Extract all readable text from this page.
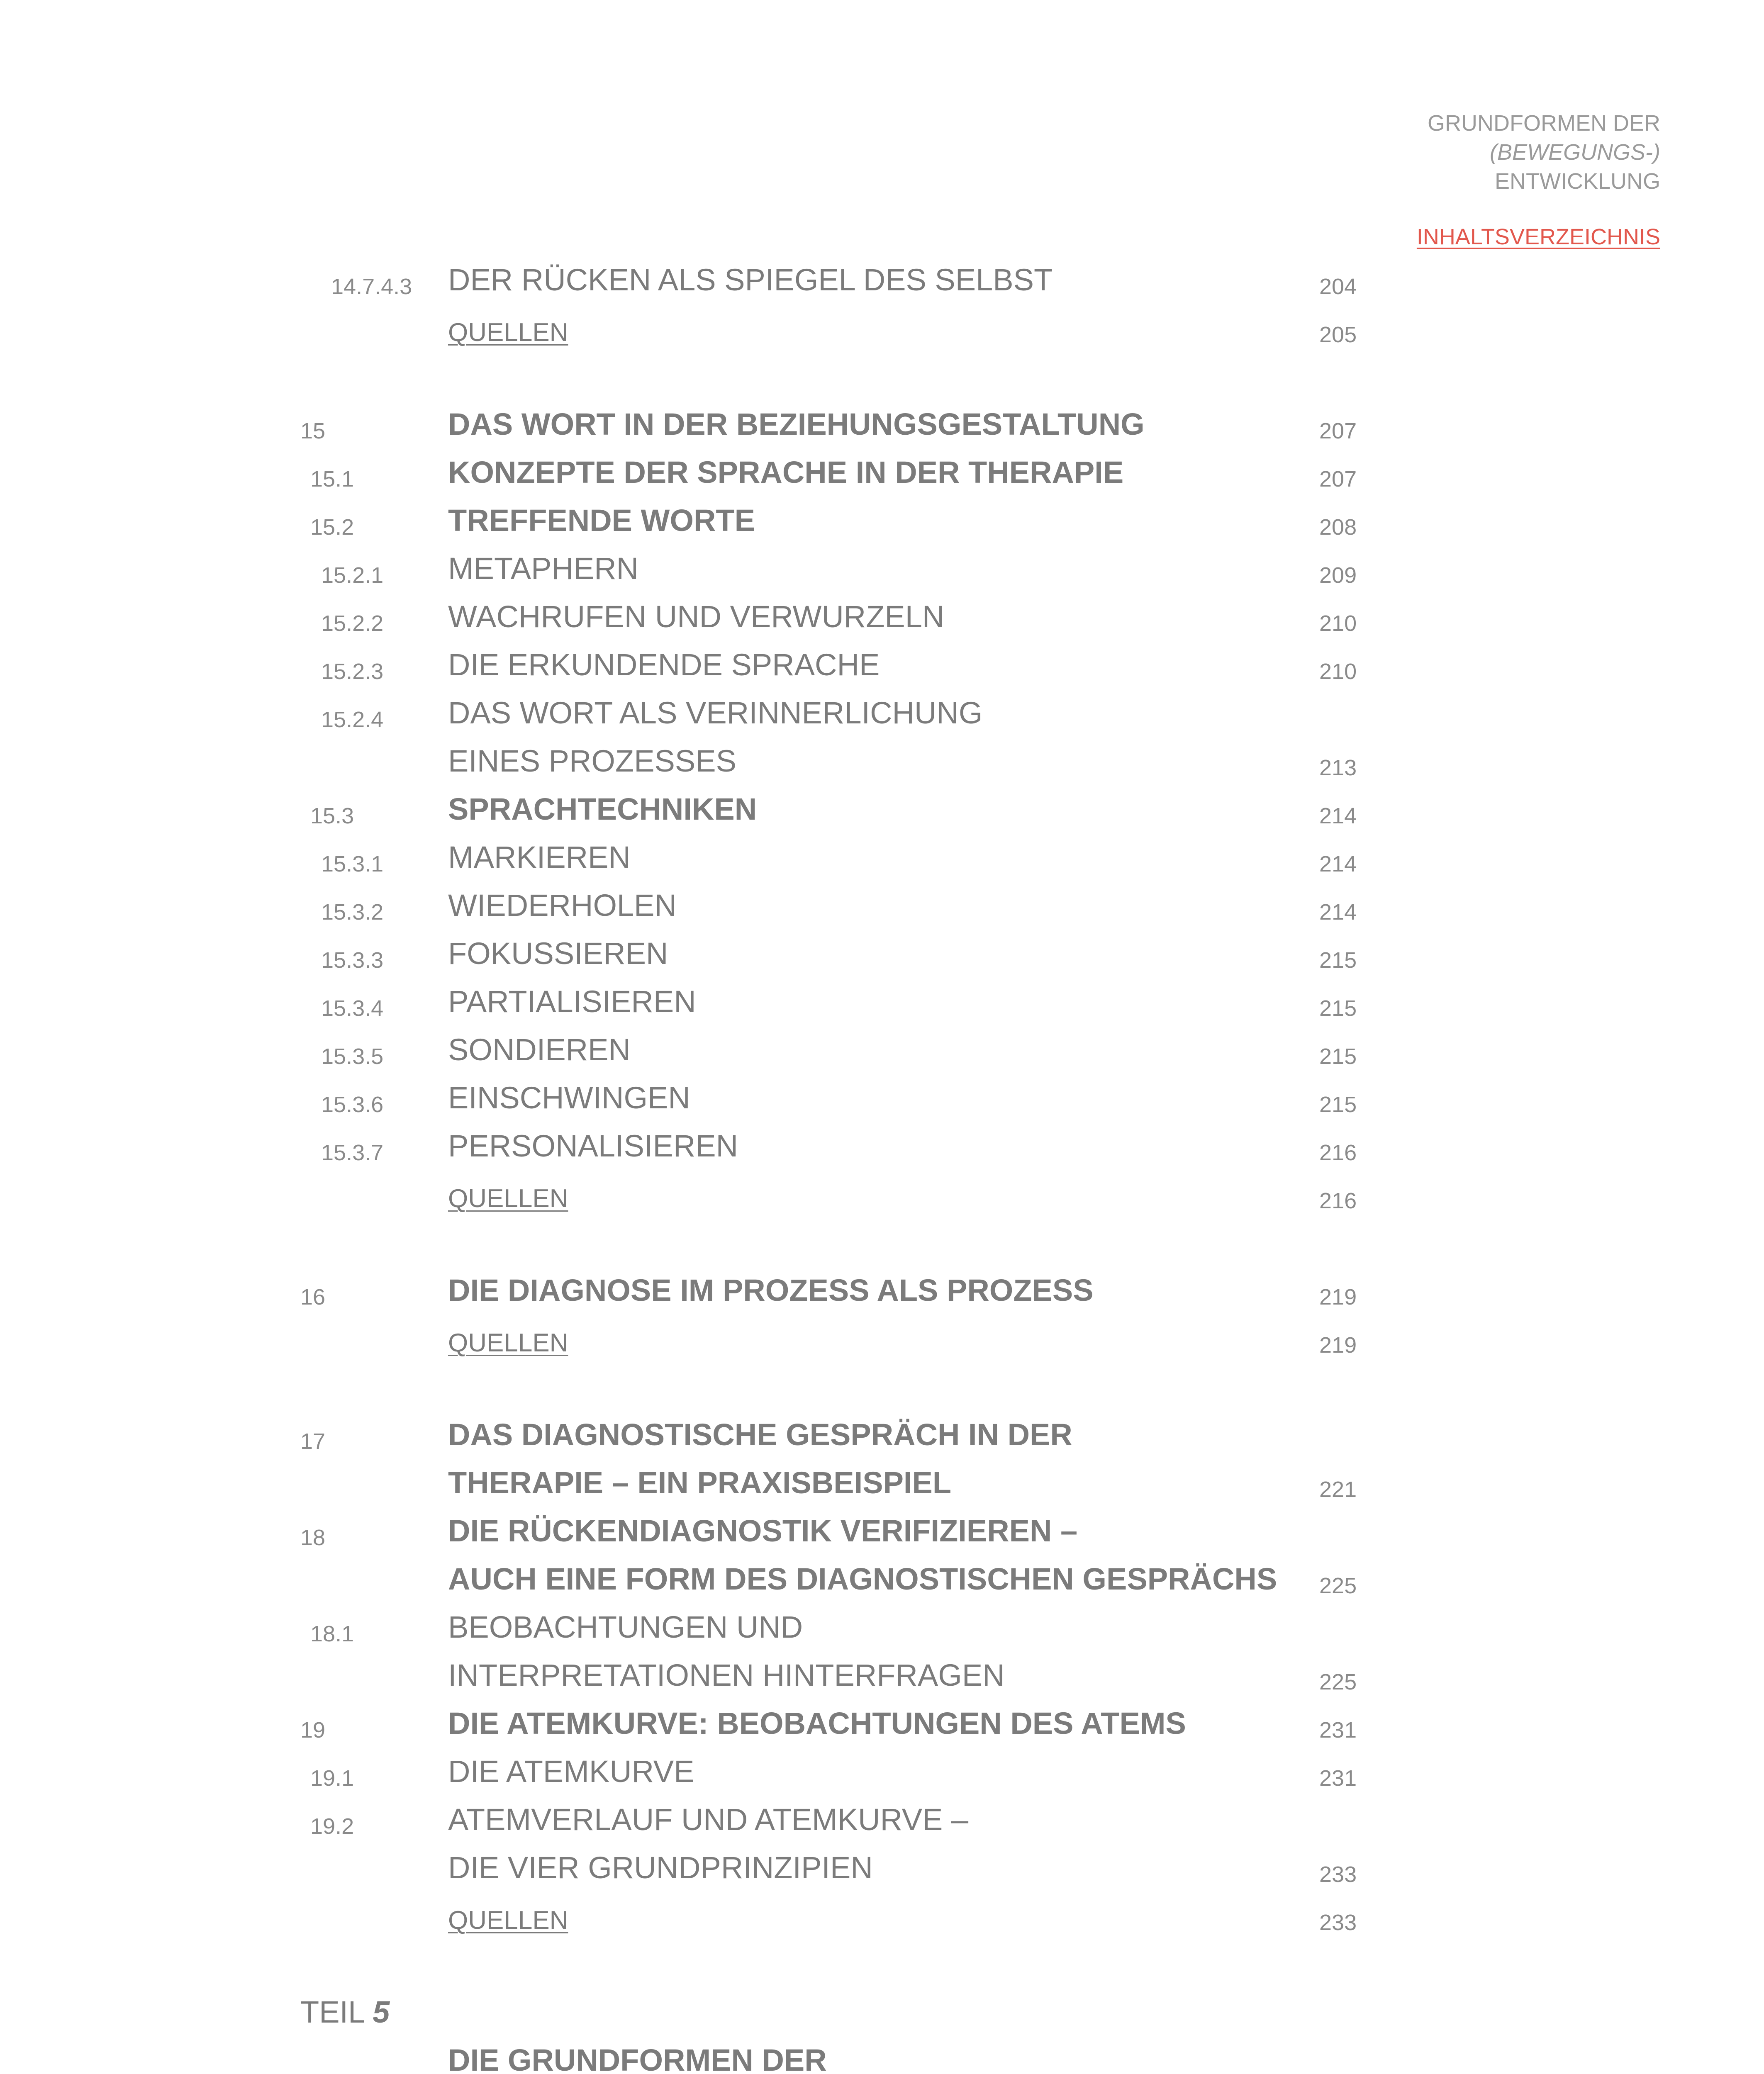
GRUNDFORMEN DER
(BEWEGUNGS-)
ENTWICKLUNG
INHALTSVERZEICHNIS
14.7.4.3 DER RÜCKEN ALS SPIEGEL DES SELBST	204
QUELLEN	205
15	DAS WORT IN DER BEZIEHUNGSGESTALTUNG	207
15.1	KONZEPTE DER SPRACHE IN DER THERAPIE	207
15.2	TREFFENDE WORTE	208
15.2.1 METAPHERN	209
15.2.2 WACHRUFEN UND VERWURZELN	210
15.2.3 DIE ERKUNDENDE SPRACHE	210
15.2.4 DAS WORT ALS VERINNERLICHUNG
EINES PROZESSES	213
15.3	SPRACHTECHNIKEN	214
15.3.1 MARKIEREN	214
15.3.2 WIEDERHOLEN	214
15.3.3 FOKUSSIEREN	215
15.3.4 PARTIALISIEREN	215
15.3.5 SONDIEREN	215
15.3.6 EINSCHWINGEN	215
15.3.7 PERSONALISIEREN	216
QUELLEN	216
16	DIE DIAGNOSE IM PROZESS ALS PROZESS	219
QUELLEN	219
17	DAS DIAGNOSTISCHE GESPRÄCH IN DER
THERAPIE – EIN PRAXISBEISPIEL	221
18	DIE RÜCKENDIAGNOSTIK VERIFIZIEREN –
AUCH EINE FORM DES DIAGNOSTISCHEN GESPRÄCHS 225
18.1	BEOBACHTUNGEN UND
INTERPRETATIONEN HINTERFRAGEN	225
19	DIE ATEMKURVE: BEOBACHTUNGEN DES ATEMS	231
19.1	DIE ATEMKURVE	231
19.2	ATEMVERLAUF UND ATEMKURVE –
DIE VIER GRUNDPRINZIPIEN	233
QUELLEN	233
TEIL 5
DIE GRUNDFORMEN DER
